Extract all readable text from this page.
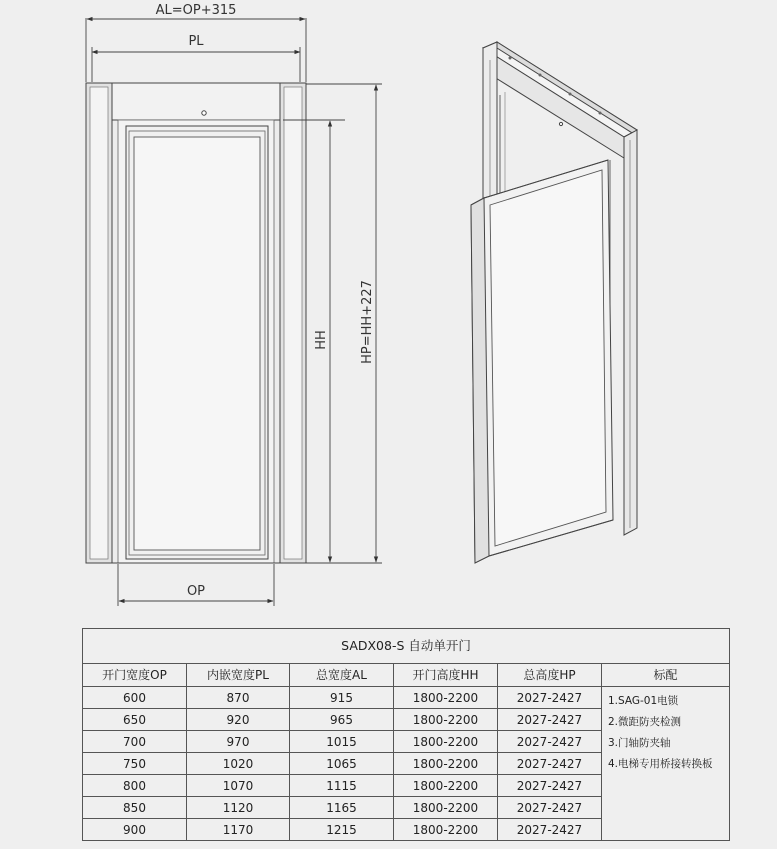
AL=OP+315
PL
HH HP=HH+227
OP
SADX08-S 自动单开门					
开门宽度OP	内嵌宽度PL	总宽度AL	开门高度HH	总高度HP	标配
600	870	915	1800-2200	2027-2427	1.SAG-01电锁
2.微距防夹检测
3.门轴防夹轴
4.电梯专用桥接转换板

650	920	965	1800-2200	2027-2427	
700	970	1015	1800-2200	2027-2427	
750	1020	1065	1800-2200	2027-2427	
800	1070	1115	1800-2200	2027-2427	
850	1120	1165	1800-2200	2027-2427	
900	1170	1215	1800-2200	2027-2427	
